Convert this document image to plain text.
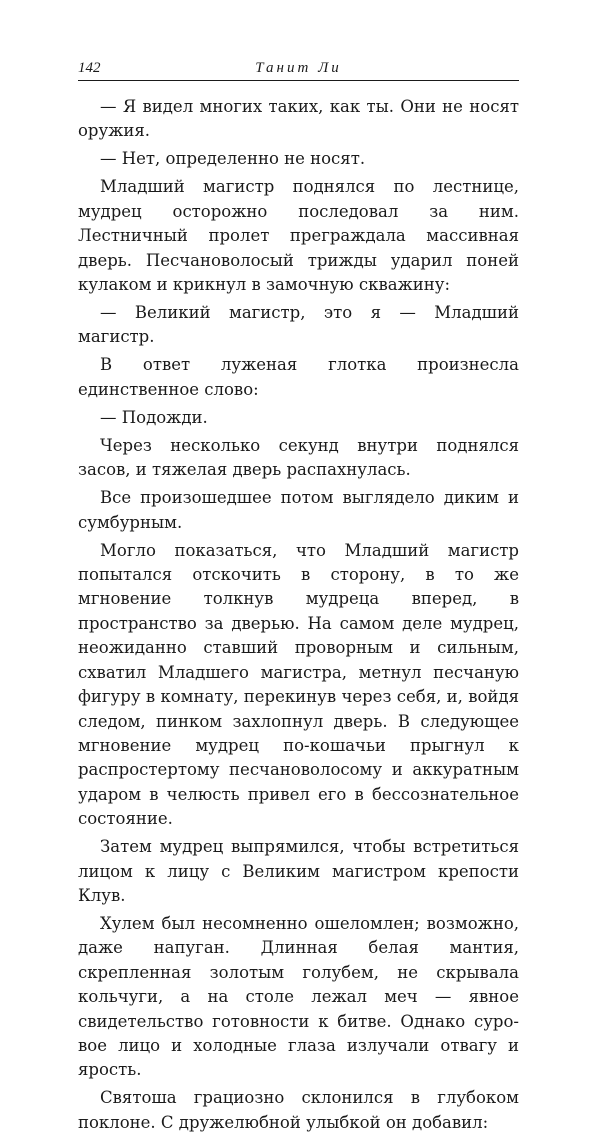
142	Танит Ли

— Я видел многих таких, как ты. Они не носят оружия.

— Нет, определенно не носят.

Младший магистр поднялся по лестнице, мудрец осторожно последовал за ним. Лестничный пролет преграждaла массивная дверь. Песчановолосый трижды ударил поней кулаком и крикнул в замочную скважину:

— Великий магистр, это я — Младший магистр.

В ответ луженая глотка произнесла единственное слово:

— Подожди.

Через несколько секунд внутри поднялся засов, и тяжелая дверь распахнулась.

Все произошедшее потом выглядело диким и сумбурным.

Могло показаться, что Младший магистр попытался отскочить в сторону, в то же мгновение толкнув мудреца вперед, в пространство за дверью. На самом деле мудрец, неожиданно ставший проворным и сильным, схватил Младшего магистра, метнул песчаную фигуру в комнату, перекинув через себя, и, войдя следом, пинком захлопнул дверь. В следующее мгновение мудрец по-кошачьи прыгнул к распростертому песчановолосому и аккуратным ударом в челюсть привел его в бессознательное состояние.

Затем мудрец выпрямился, чтобы встретиться лицом к лицу с Великим магистром крепости Клув.

Хулем был несомненно ошеломлен; возможно, даже напуган. Длинная белая мантия, скрепленная золотым голубем, не скрывала кольчуги, а на столе лежал меч — явное свидетельство готовности к битве. Однако суровое лицо и холодные глаза излучали отвагу и ярость.

Святоша грациозно склонился в глубоком поклоне. С дружелюбной улыбкой он добавил:
